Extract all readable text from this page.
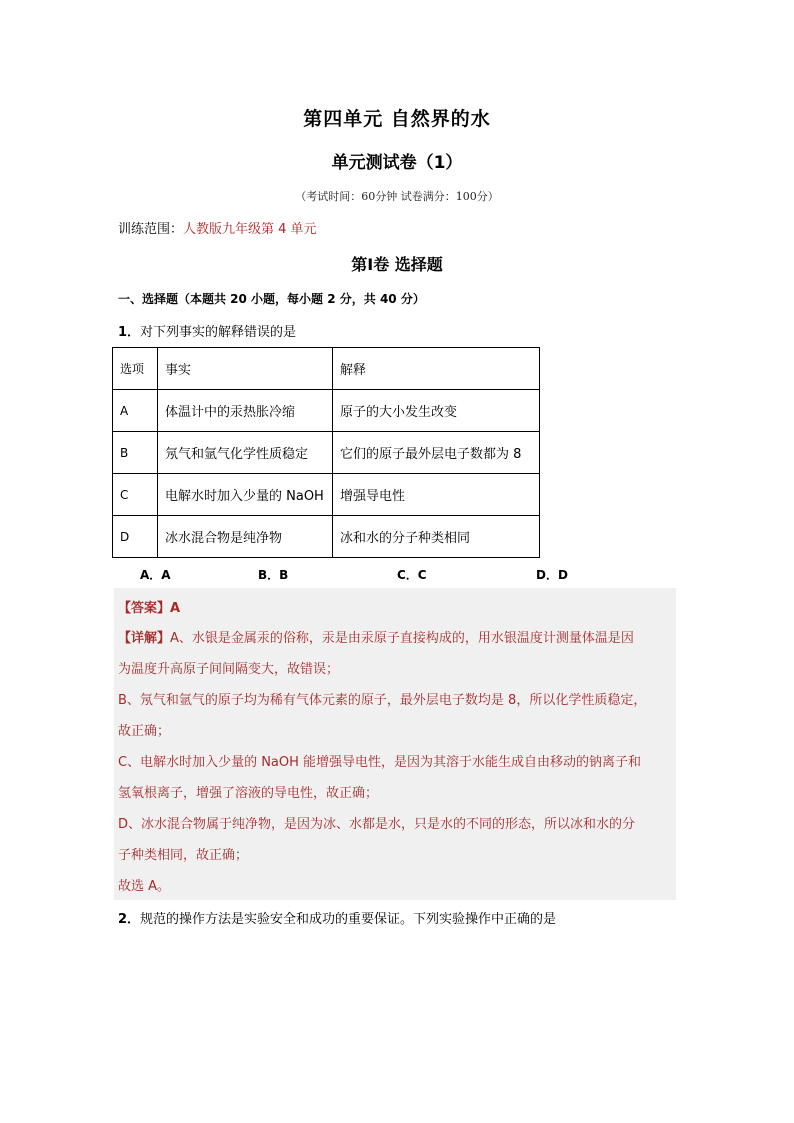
第四单元 自然界的水
单元测试卷（1）
（考试时间：60分钟 试卷满分：100分）
训练范围：人教版九年级第 4 单元
第Ⅰ卷 选择题
一、选择题（本题共 20 小题，每小题 2 分，共 40 分）
1．对下列事实的解释错误的是
选项	事实	解释
A	体温计中的汞热胀冷缩	原子的大小发生改变
B	氖气和氩气化学性质稳定	它们的原子最外层电子数都为 8
C	电解水时加入少量的 NaOH	增强导电性
D	冰水混合物是纯净物	冰和水的分子种类相同
A．A	B．B	C．C	D．D

【答案】A

【详解】A、水银是金属汞的俗称，汞是由汞原子直接构成的，用水银温度计测量体温是因

为温度升高原子间间隔变大，故错误；

B、氖气和氩气的原子均为稀有气体元素的原子，最外层电子数均是 8，所以化学性质稳定，

故正确；

C、电解水时加入少量的 NaOH 能增强导电性，是因为其溶于水能生成自由移动的钠离子和

氢氧根离子，增强了溶液的导电性，故正确；

D、冰水混合物属于纯净物，是因为冰、水都是水，只是水的不同的形态，所以冰和水的分

子种类相同，故正确；

故选 A。

2．规范的操作方法是实验安全和成功的重要保证。下列实验操作中正确的是
